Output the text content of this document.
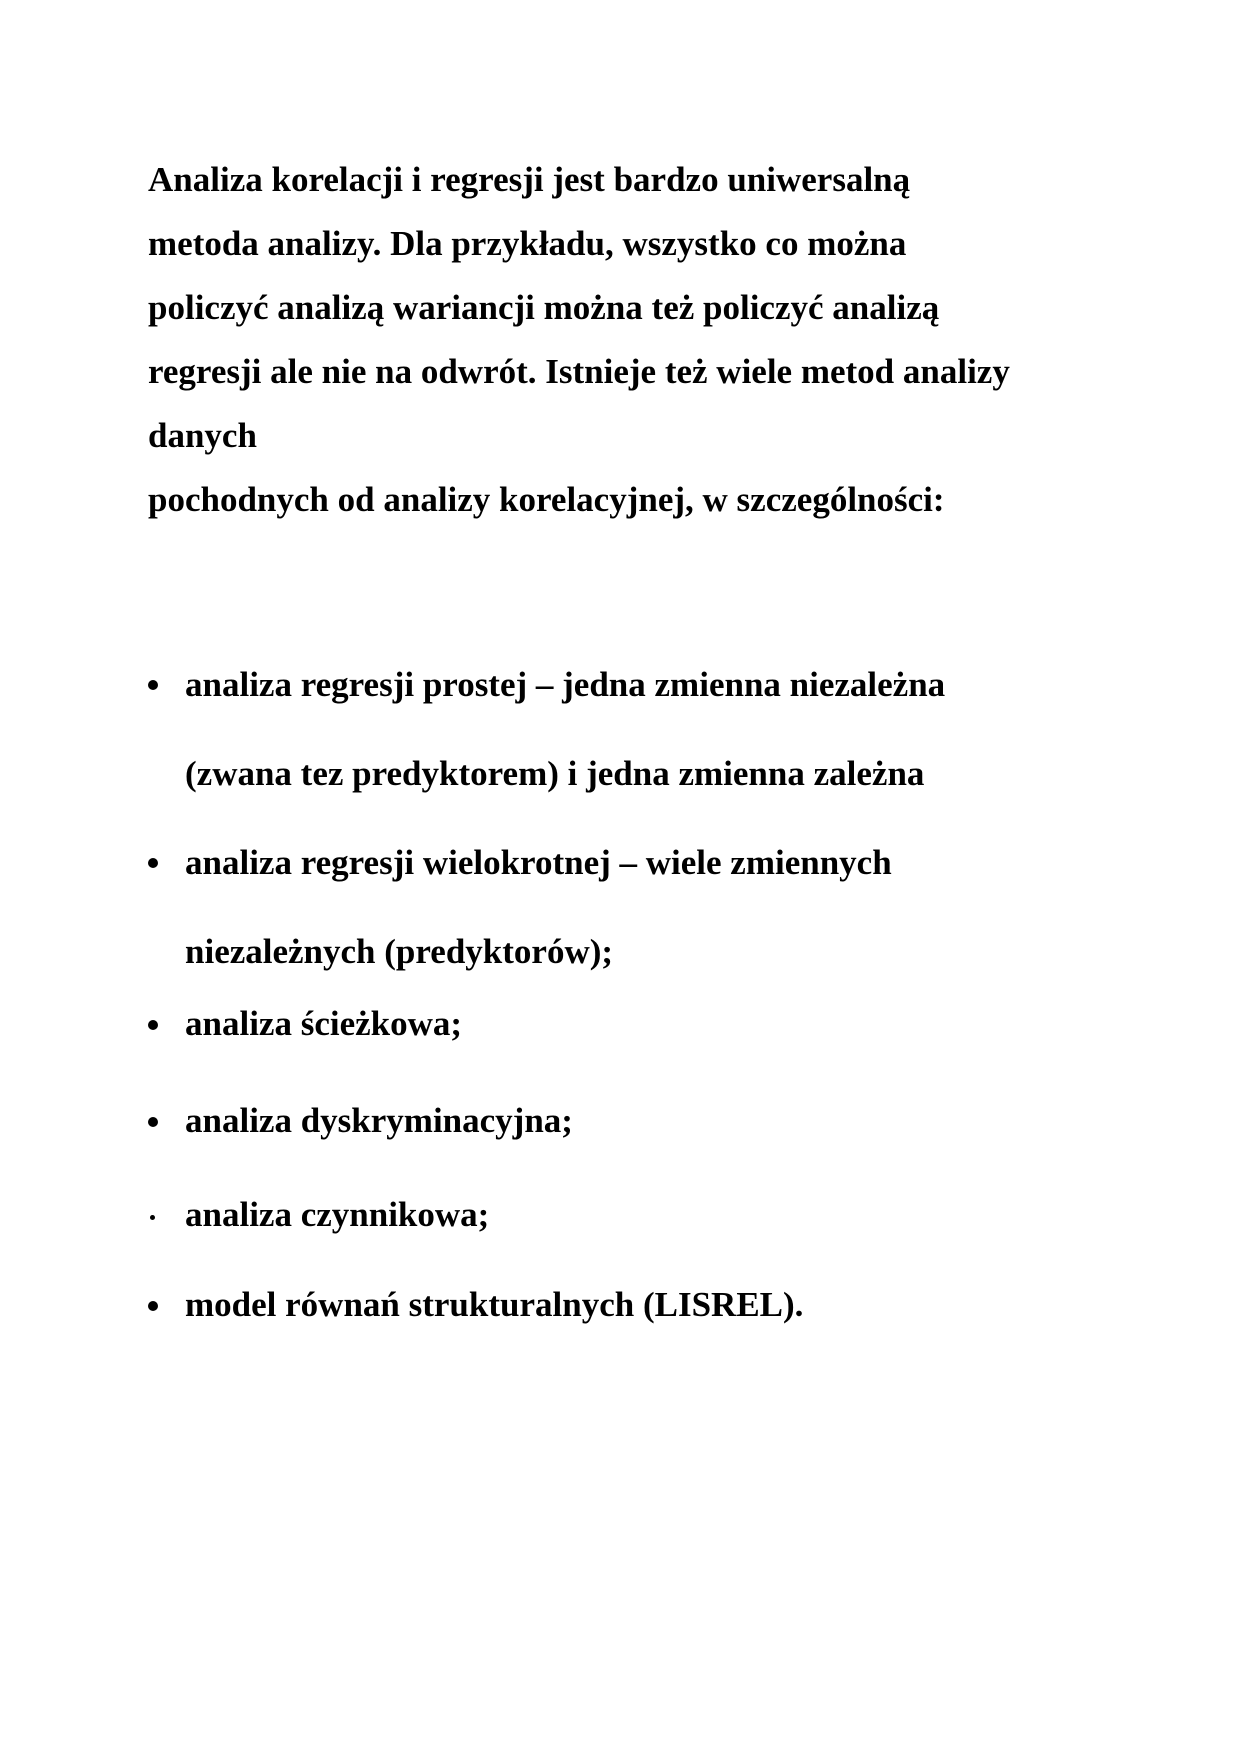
Analiza korelacji i regresji jest bardzo uniwersalną
metoda analizy. Dla przykładu, wszystko co można
policzyć analizą wariancji można też policzyć analizą
regresji ale nie na odwrót. Istnieje też wiele metod analizy
danych
pochodnych od analizy korelacyjnej, w szczególności:

analiza regresji prostej – jedna zmienna niezależna
(zwana tez predyktorem) i jedna zmienna zależna
analiza regresji wielokrotnej – wiele zmiennych
niezależnych (predyktorów);
analiza ścieżkowa;
analiza dyskryminacyjna;
analiza czynnikowa;
model równań strukturalnych (LISREL).
